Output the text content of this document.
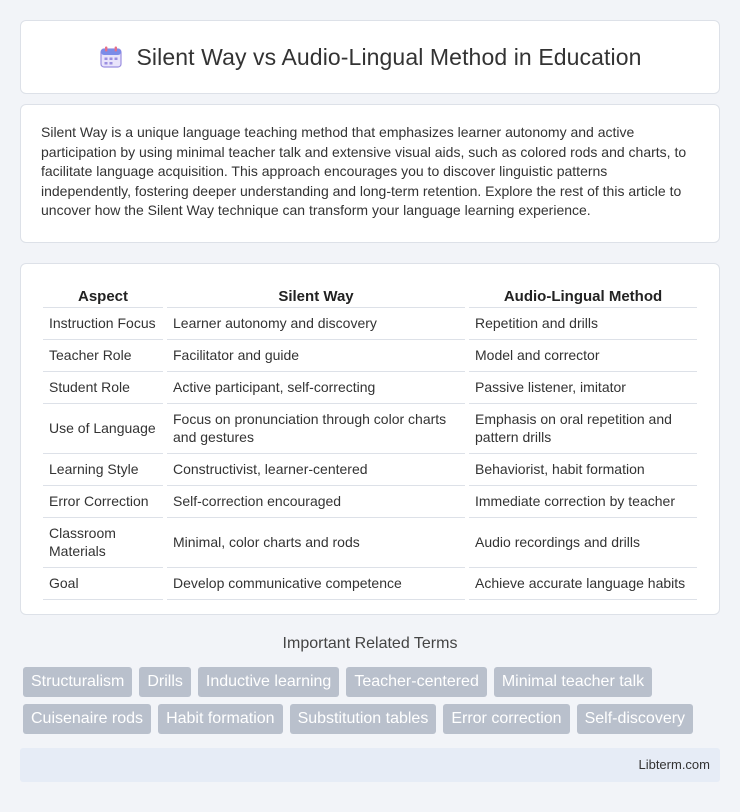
Silent Way vs Audio-Lingual Method in Education

Silent Way is a unique language teaching method that emphasizes learner autonomy and active participation by using minimal teacher talk and extensive visual aids, such as colored rods and charts, to facilitate language acquisition. This approach encourages you to discover linguistic patterns independently, fostering deeper understanding and long-term retention. Explore the rest of this article to uncover how the Silent Way technique can transform your language learning experience.

Aspect	Silent Way	Audio-Lingual Method
Instruction Focus	Learner autonomy and discovery	Repetition and drills
Teacher Role	Facilitator and guide	Model and corrector
Student Role	Active participant, self-correcting	Passive listener, imitator
Use of Language	Focus on pronunciation through color charts and gestures	Emphasis on oral repetition and pattern drills
Learning Style	Constructivist, learner-centered	Behaviorist, habit formation
Error Correction	Self-correction encouraged	Immediate correction by teacher
Classroom Materials	Minimal, color charts and rods	Audio recordings and drills
Goal	Develop communicative competence	Achieve accurate language habits
Important Related Terms
Structuralism	Drills	Inductive learning	Teacher-centered	Minimal teacher talk
Cuisenaire rods	Habit formation	Substitution tables	Error correction	Self-discovery
Libterm.com
